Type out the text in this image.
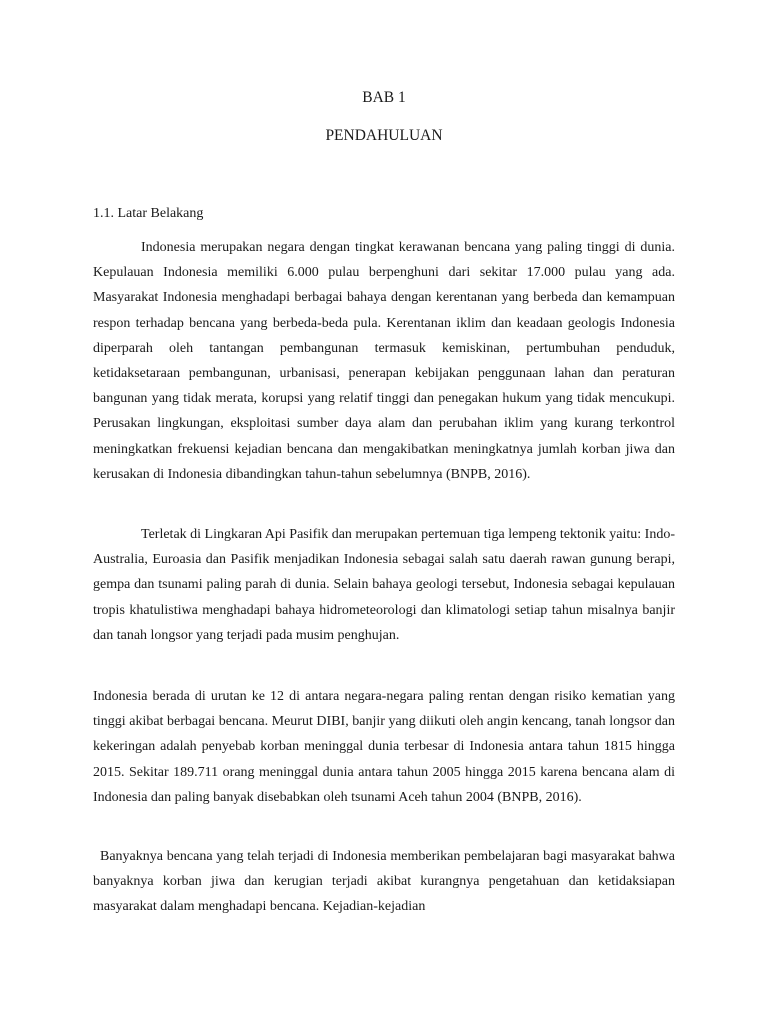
BAB 1
PENDAHULUAN
1.1. Latar Belakang

Indonesia merupakan negara dengan tingkat kerawanan bencana yang paling tinggi di dunia. Kepulauan Indonesia memiliki 6.000 pulau berpenghuni dari sekitar 17.000 pulau yang ada. Masyarakat Indonesia menghadapi berbagai bahaya dengan kerentanan yang berbeda dan kemampuan respon terhadap bencana yang berbeda-beda pula. Kerentanan iklim dan keadaan geologis Indonesia diperparah oleh tantangan pembangunan termasuk kemiskinan, pertumbuhan penduduk, ketidaksetaraan pembangunan, urbanisasi, penerapan kebijakan penggunaan lahan dan peraturan bangunan yang tidak merata, korupsi yang relatif tinggi dan penegakan hukum yang tidak mencukupi. Perusakan lingkungan, eksploitasi sumber daya alam dan perubahan iklim yang kurang terkontrol meningkatkan frekuensi kejadian bencana dan mengakibatkan meningkatnya jumlah korban jiwa dan kerusakan di Indonesia dibandingkan tahun-tahun sebelumnya (BNPB, 2016).

Terletak di Lingkaran Api Pasifik dan merupakan pertemuan tiga lempeng tektonik yaitu: Indo-Australia, Euroasia dan Pasifik menjadikan Indonesia sebagai salah satu daerah rawan gunung berapi, gempa dan tsunami paling parah di dunia. Selain bahaya geologi tersebut, Indonesia sebagai kepulauan tropis khatulistiwa menghadapi bahaya hidrometeorologi dan klimatologi setiap tahun misalnya banjir dan tanah longsor yang terjadi pada musim penghujan.

Indonesia berada di urutan ke 12 di antara negara-negara paling rentan dengan risiko kematian yang tinggi akibat berbagai bencana. Meurut DIBI, banjir yang diikuti oleh angin kencang, tanah longsor dan kekeringan adalah penyebab korban meninggal dunia terbesar di Indonesia antara tahun 1815 hingga 2015. Sekitar 189.711 orang meninggal dunia antara tahun 2005 hingga 2015 karena bencana alam di Indonesia dan paling banyak disebabkan oleh tsunami Aceh tahun 2004 (BNPB, 2016).

Banyaknya bencana yang telah terjadi di Indonesia memberikan pembelajaran bagi masyarakat bahwa banyaknya korban jiwa dan kerugian terjadi akibat kurangnya pengetahuan dan ketidaksiapan masyarakat dalam menghadapi bencana. Kejadian-kejadian
